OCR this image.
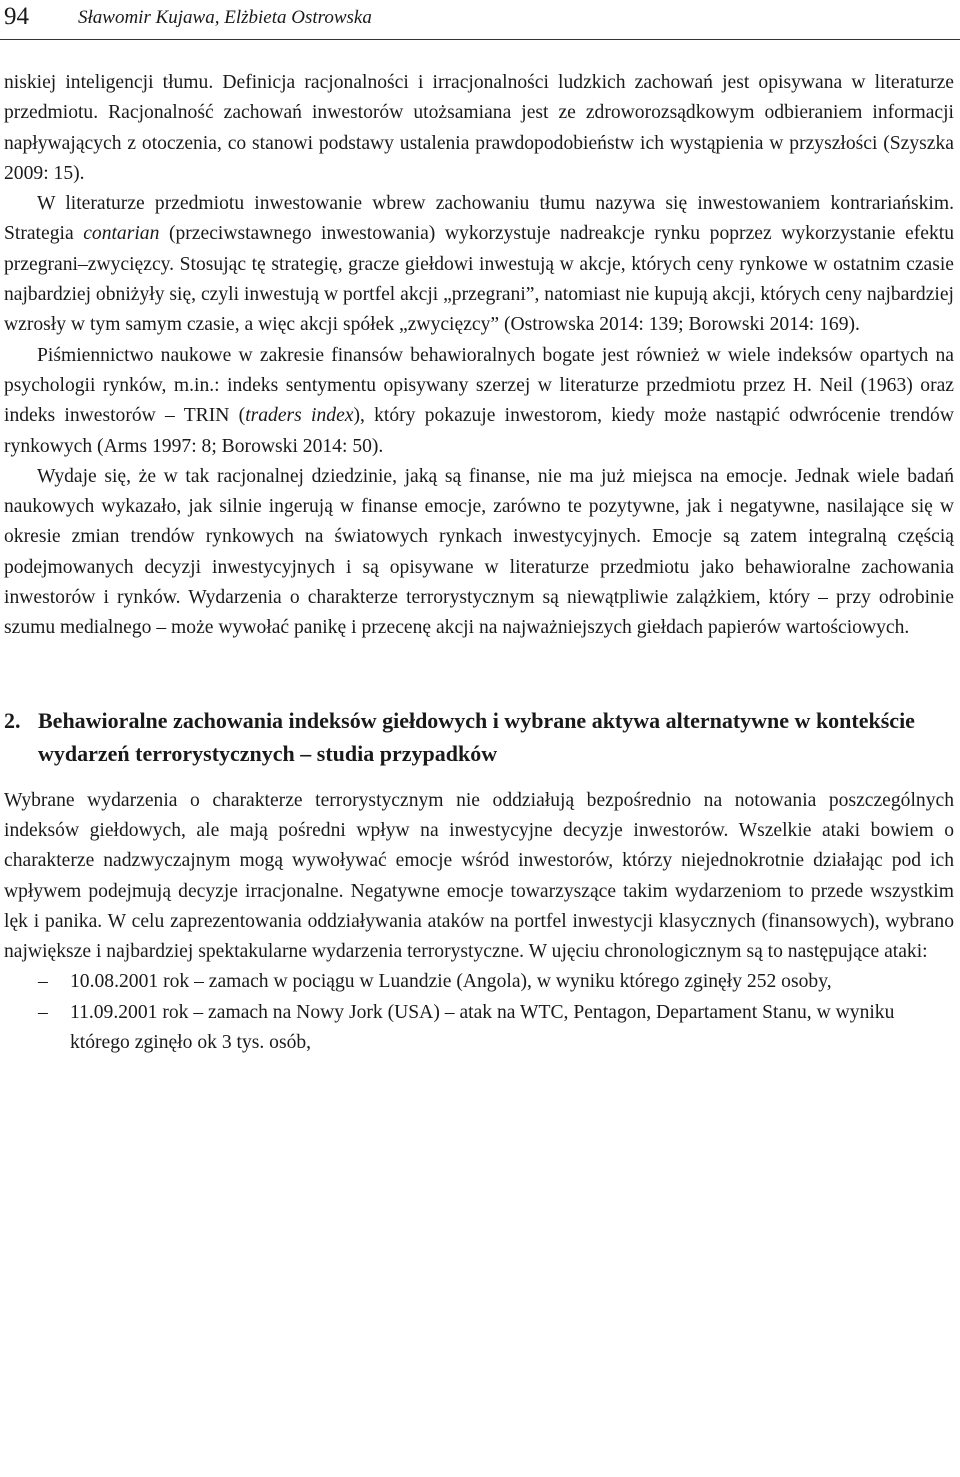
94	Sławomir Kujawa, Elżbieta Ostrowska

niskiej inteligencji tłumu. Definicja racjonalności i irracjonalności ludzkich zachowań jest opisywana w literaturze przedmiotu. Racjonalność zachowań inwestorów utożsamiana jest ze zdroworozsądkowym odbieraniem informacji napływających z otoczenia, co stanowi podstawy ustalenia prawdopodobieństw ich wystąpienia w przyszłości (Szyszka 2009: 15).

W literaturze przedmiotu inwestowanie wbrew zachowaniu tłumu nazywa się inwestowaniem kontrariańskim. Strategia contarian (przeciwstawnego inwestowania) wykorzystuje nadreakcje rynku poprzez wykorzystanie efektu przegrani–zwycięzcy. Stosując tę strategię, gracze giełdowi inwestują w akcje, których ceny rynkowe w ostatnim czasie najbardziej obniżyły się, czyli inwestują w portfel akcji „przegrani”, natomiast nie kupują akcji, których ceny najbardziej wzrosły w tym samym czasie, a więc akcji spółek „zwycięzcy” (Ostrowska 2014: 139; Borowski 2014: 169).

Piśmiennictwo naukowe w zakresie finansów behawioralnych bogate jest również w wiele indeksów opartych na psychologii rynków, m.in.: indeks sentymentu opisywany szerzej w literaturze przedmiotu przez H. Neil (1963) oraz indeks inwestorów – TRIN (traders index), który pokazuje inwestorom, kiedy może nastąpić odwrócenie trendów rynkowych (Arms 1997: 8; Borowski 2014: 50).

Wydaje się, że w tak racjonalnej dziedzinie, jaką są finanse, nie ma już miejsca na emocje. Jednak wiele badań naukowych wykazało, jak silnie ingerują w finanse emocje, zarówno te pozytywne, jak i negatywne, nasilające się w okresie zmian trendów rynkowych na światowych rynkach inwestycyjnych. Emocje są zatem integralną częścią podejmowanych decyzji inwestycyjnych i są opisywane w literaturze przedmiotu jako behawioralne zachowania inwestorów i rynków. Wydarzenia o charakterze terrorystycznym są niewątpliwie zalążkiem, który – przy odrobinie szumu medialnego – może wywołać panikę i przecenę akcji na najważniejszych giełdach papierów wartościowych.

2. Behawioralne zachowania indeksów giełdowych i wybrane aktywa alternatywne w kontekście wydarzeń terrorystycznych – studia przypadków

Wybrane wydarzenia o charakterze terrorystycznym nie oddziałują bezpośrednio na notowania poszczególnych indeksów giełdowych, ale mają pośredni wpływ na inwestycyjne decyzje inwestorów. Wszelkie ataki bowiem o charakterze nadzwyczajnym mogą wywoływać emocje wśród inwestorów, którzy niejednokrotnie działając pod ich wpływem podejmują decyzje irracjonalne. Negatywne emocje towarzyszące takim wydarzeniom to przede wszystkim lęk i panika. W celu zaprezentowania oddziaływania ataków na portfel inwestycji klasycznych (finansowych), wybrano największe i najbardziej spektakularne wydarzenia terrorystyczne. W ujęciu chronologicznym są to następujące ataki:

–	10.08.2001 rok – zamach w pociągu w Luandzie (Angola), w wyniku którego zginęły 252 osoby,
–	11.09.2001 rok – zamach na Nowy Jork (USA) – atak na WTC, Pentagon, Departament Stanu, w wyniku którego zginęło ok 3 tys. osób,
